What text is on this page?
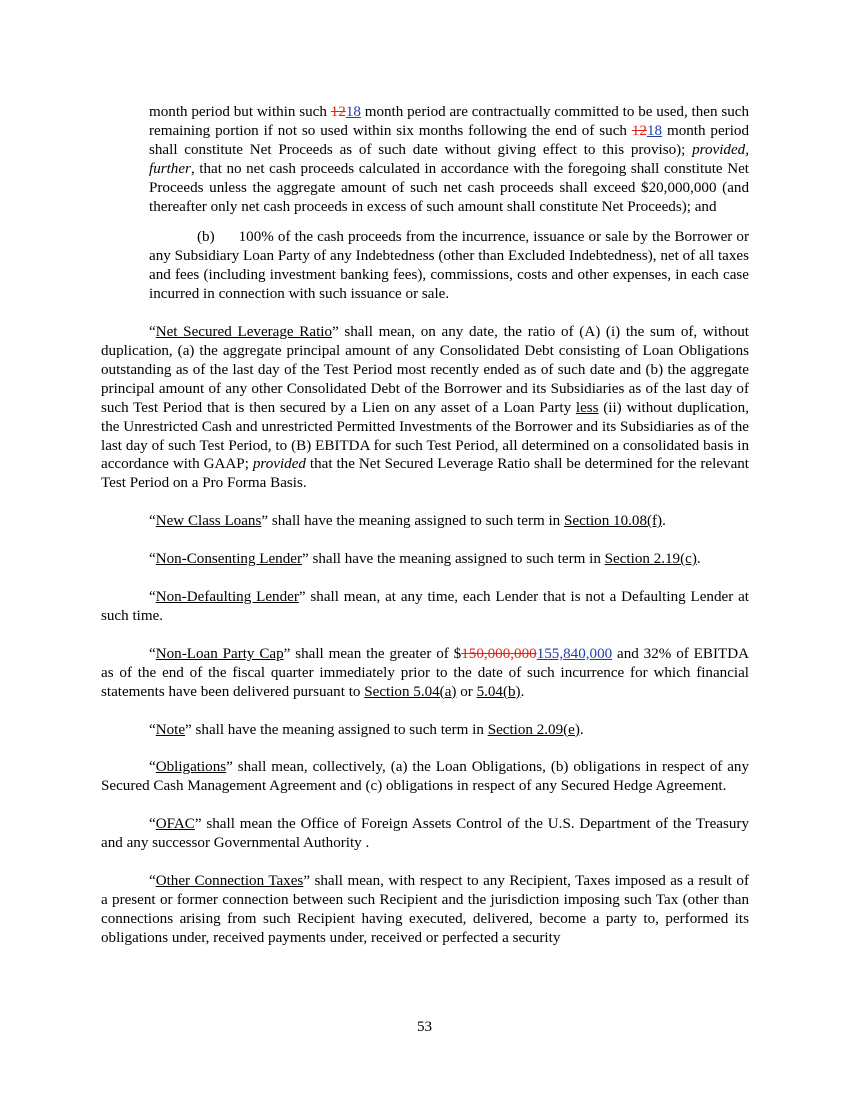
month period but within such 1218 month period are contractually committed to be used, then such remaining portion if not so used within six months following the end of such 1218 month period shall constitute Net Proceeds as of such date without giving effect to this proviso); provided, further, that no net cash proceeds calculated in accordance with the foregoing shall constitute Net Proceeds unless the aggregate amount of such net cash proceeds shall exceed $20,000,000 (and thereafter only net cash proceeds in excess of such amount shall constitute Net Proceeds); and

(b) 100% of the cash proceeds from the incurrence, issuance or sale by the Borrower or any Subsidiary Loan Party of any Indebtedness (other than Excluded Indebtedness), net of all taxes and fees (including investment banking fees), commissions, costs and other expenses, in each case incurred in connection with such issuance or sale.

“Net Secured Leverage Ratio” shall mean, on any date, the ratio of (A) (i) the sum of, without duplication, (a) the aggregate principal amount of any Consolidated Debt consisting of Loan Obligations outstanding as of the last day of the Test Period most recently ended as of such date and (b) the aggregate principal amount of any other Consolidated Debt of the Borrower and its Subsidiaries as of the last day of such Test Period that is then secured by a Lien on any asset of a Loan Party less (ii) without duplication, the Unrestricted Cash and unrestricted Permitted Investments of the Borrower and its Subsidiaries as of the last day of such Test Period, to (B) EBITDA for such Test Period, all determined on a consolidated basis in accordance with GAAP; provided that the Net Secured Leverage Ratio shall be determined for the relevant Test Period on a Pro Forma Basis.

“New Class Loans” shall have the meaning assigned to such term in Section 10.08(f).

“Non-Consenting Lender” shall have the meaning assigned to such term in Section 2.19(c).

“Non-Defaulting Lender” shall mean, at any time, each Lender that is not a Defaulting Lender at such time.

“Non-Loan Party Cap” shall mean the greater of $150,000,000155,840,000 and 32% of EBITDA as of the end of the fiscal quarter immediately prior to the date of such incurrence for which financial statements have been delivered pursuant to Section 5.04(a) or 5.04(b).

“Note” shall have the meaning assigned to such term in Section 2.09(e).

“Obligations” shall mean, collectively, (a) the Loan Obligations, (b) obligations in respect of any Secured Cash Management Agreement and (c) obligations in respect of any Secured Hedge Agreement.

“OFAC” shall mean the Office of Foreign Assets Control of the U.S. Department of the Treasury and any successor Governmental Authority .

“Other Connection Taxes” shall mean, with respect to any Recipient, Taxes imposed as a result of a present or former connection between such Recipient and the jurisdiction imposing such Tax (other than connections arising from such Recipient having executed, delivered, become a party to, performed its obligations under, received payments under, received or perfected a security

53
